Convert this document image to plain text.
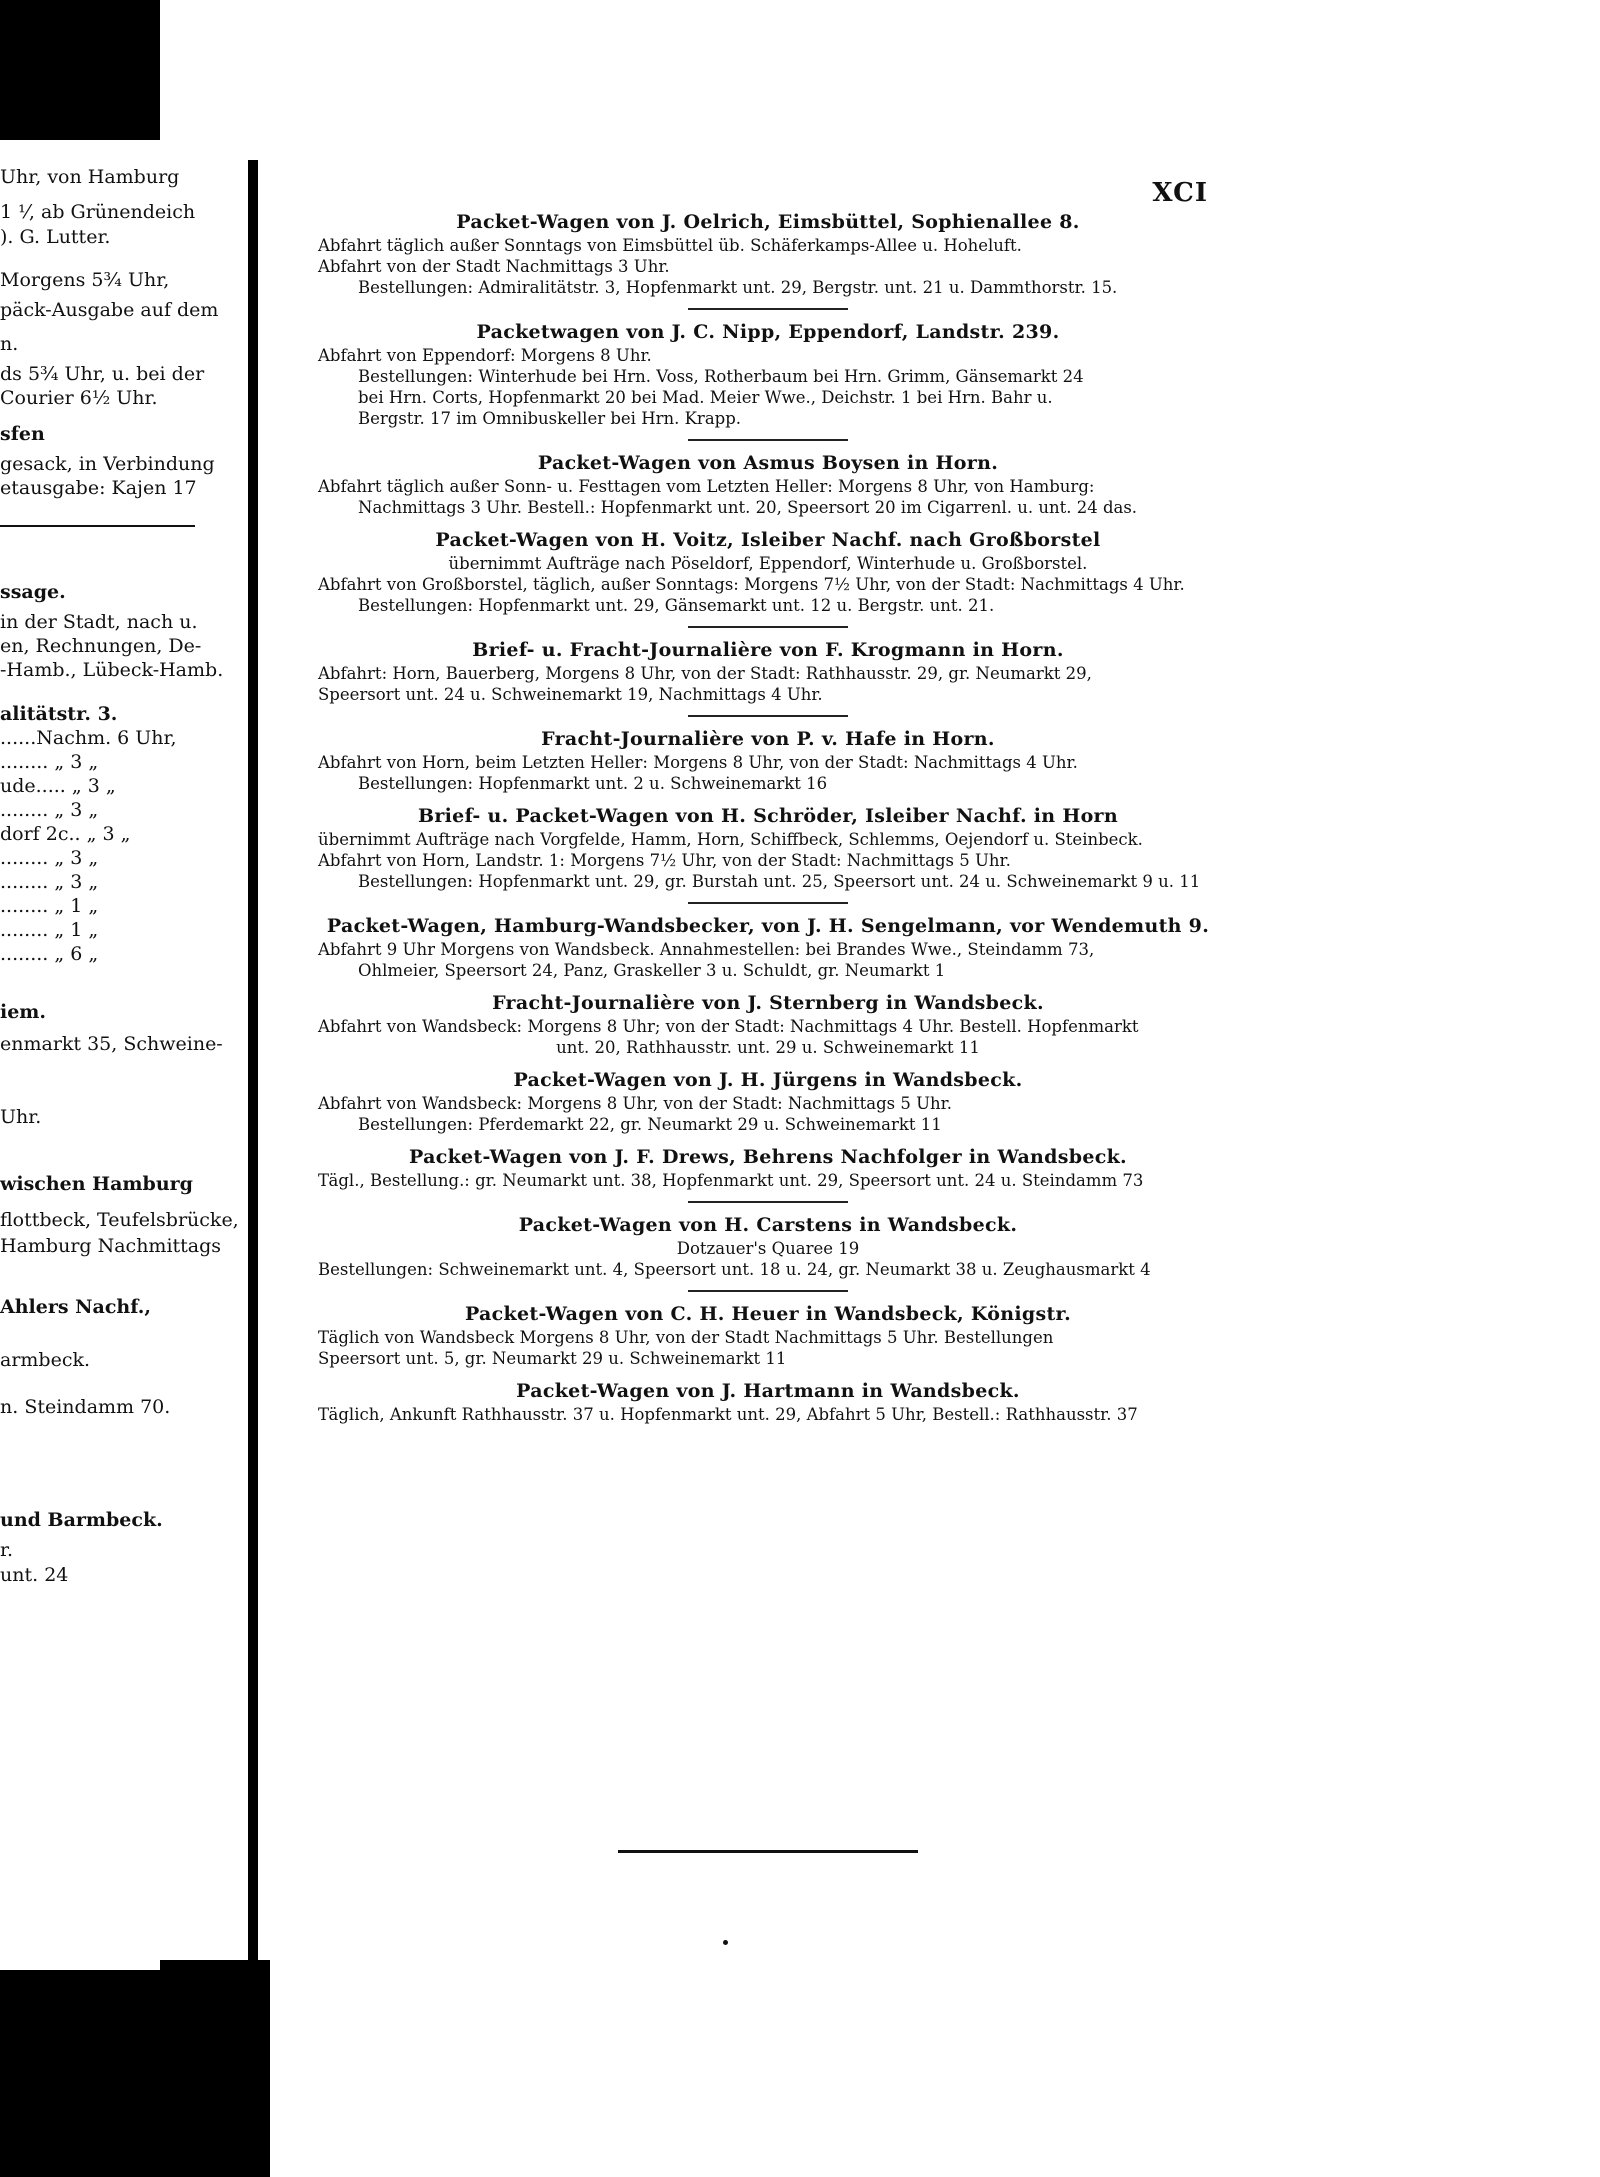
Uhr, von Hamburg
1 ⅟, ab Grünendeich
). G. Lutter.
Morgens 5¾ Uhr,
päck-Ausgabe auf dem
n.
ds 5¾ Uhr, u. bei der
Courier 6½ Uhr.
sfen
gesack, in Verbindung
etausgabe: Kajen 17
ssage.
in der Stadt, nach u.
en, Rechnungen, De-
-Hamb., Lübeck-Hamb.
alitätstr. 3.
......Nachm. 6 Uhr,
........ „ 3 „
ude..... „ 3 „
........ „ 3 „
dorf 2c.. „ 3 „
........ „ 3 „
........ „ 3 „
........ „ 1 „
........ „ 1 „
........ „ 6 „
iem.
enmarkt 35, Schweine-
Uhr.
wischen Hamburg
flottbeck, Teufelsbrücke,
Hamburg Nachmittags
Ahlers Nachf.,
armbeck.
n. Steindamm 70.
und Barmbeck.
r.
unt. 24
XCI
Packet-Wagen von J. Oelrich, Eimsbüttel, Sophienallee 8.
Abfahrt täglich außer Sonntags von Eimsbüttel üb. Schäferkamps-Allee u. Hoheluft.
Abfahrt von der Stadt Nachmittags 3 Uhr.
Bestellungen: Admiralitätstr. 3, Hopfenmarkt unt. 29, Bergstr. unt. 21 u. Dammthorstr. 15.
Packetwagen von J. C. Nipp, Eppendorf, Landstr. 239.
Abfahrt von Eppendorf: Morgens 8 Uhr.
Bestellungen: Winterhude bei Hrn. Voss, Rotherbaum bei Hrn. Grimm, Gänsemarkt 24
bei Hrn. Corts, Hopfenmarkt 20 bei Mad. Meier Wwe., Deichstr. 1 bei Hrn. Bahr u.
Bergstr. 17 im Omnibuskeller bei Hrn. Krapp.
Packet-Wagen von Asmus Boysen in Horn.
Abfahrt täglich außer Sonn- u. Festtagen vom Letzten Heller: Morgens 8 Uhr, von Hamburg:
Nachmittags 3 Uhr. Bestell.: Hopfenmarkt unt. 20, Speersort 20 im Cigarrenl. u. unt. 24 das.
Packet-Wagen von H. Voitz, Isleiber Nachf. nach Großborstel
übernimmt Aufträge nach Pöseldorf, Eppendorf, Winterhude u. Großborstel.
Abfahrt von Großborstel, täglich, außer Sonntags: Morgens 7½ Uhr, von der Stadt: Nachmittags 4 Uhr.
Bestellungen: Hopfenmarkt unt. 29, Gänsemarkt unt. 12 u. Bergstr. unt. 21.
Brief- u. Fracht-Journalière von F. Krogmann in Horn.
Abfahrt: Horn, Bauerberg, Morgens 8 Uhr, von der Stadt: Rathhausstr. 29, gr. Neumarkt 29,
Speersort unt. 24 u. Schweinemarkt 19, Nachmittags 4 Uhr.
Fracht-Journalière von P. v. Hafe in Horn.
Abfahrt von Horn, beim Letzten Heller: Morgens 8 Uhr, von der Stadt: Nachmittags 4 Uhr.
Bestellungen: Hopfenmarkt unt. 2 u. Schweinemarkt 16
Brief- u. Packet-Wagen von H. Schröder, Isleiber Nachf. in Horn
übernimmt Aufträge nach Vorgfelde, Hamm, Horn, Schiffbeck, Schlemms, Oejendorf u. Steinbeck.
Abfahrt von Horn, Landstr. 1: Morgens 7½ Uhr, von der Stadt: Nachmittags 5 Uhr.
Bestellungen: Hopfenmarkt unt. 29, gr. Burstah unt. 25, Speersort unt. 24 u. Schweinemarkt 9 u. 11
Packet-Wagen, Hamburg-Wandsbecker, von J. H. Sengelmann, vor Wendemuth 9.
Abfahrt 9 Uhr Morgens von Wandsbeck. Annahmestellen: bei Brandes Wwe., Steindamm 73,
Ohlmeier, Speersort 24, Panz, Graskeller 3 u. Schuldt, gr. Neumarkt 1
Fracht-Journalière von J. Sternberg in Wandsbeck.
Abfahrt von Wandsbeck: Morgens 8 Uhr; von der Stadt: Nachmittags 4 Uhr. Bestell. Hopfenmarkt
unt. 20, Rathhausstr. unt. 29 u. Schweinemarkt 11
Packet-Wagen von J. H. Jürgens in Wandsbeck.
Abfahrt von Wandsbeck: Morgens 8 Uhr, von der Stadt: Nachmittags 5 Uhr.
Bestellungen: Pferdemarkt 22, gr. Neumarkt 29 u. Schweinemarkt 11
Packet-Wagen von J. F. Drews, Behrens Nachfolger in Wandsbeck.
Tägl., Bestellung.: gr. Neumarkt unt. 38, Hopfenmarkt unt. 29, Speersort unt. 24 u. Steindamm 73
Packet-Wagen von H. Carstens in Wandsbeck.
Dotzauer's Quaree 19
Bestellungen: Schweinemarkt unt. 4, Speersort unt. 18 u. 24, gr. Neumarkt 38 u. Zeughausmarkt 4
Packet-Wagen von C. H. Heuer in Wandsbeck, Königstr.
Täglich von Wandsbeck Morgens 8 Uhr, von der Stadt Nachmittags 5 Uhr. Bestellungen
Speersort unt. 5, gr. Neumarkt 29 u. Schweinemarkt 11
Packet-Wagen von J. Hartmann in Wandsbeck.
Täglich, Ankunft Rathhausstr. 37 u. Hopfenmarkt unt. 29, Abfahrt 5 Uhr, Bestell.: Rathhausstr. 37
